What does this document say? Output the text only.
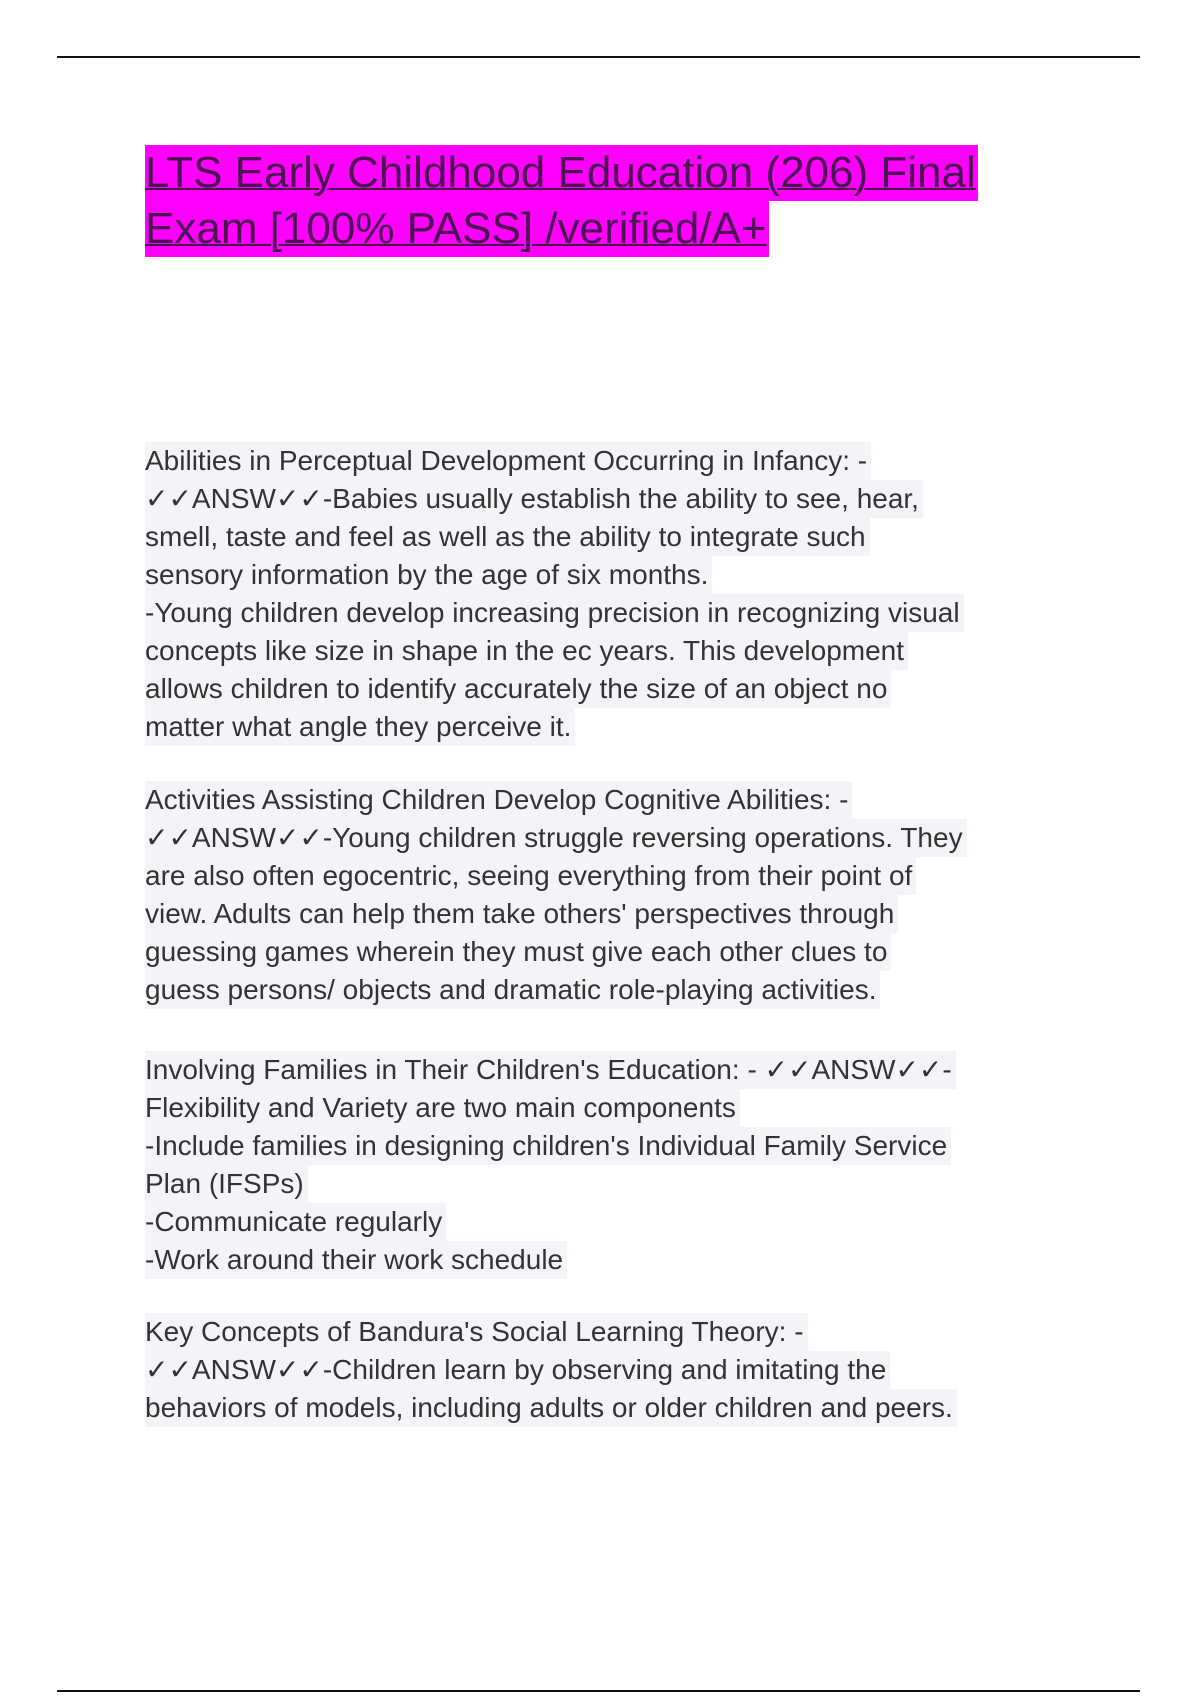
LTS Early Childhood Education (206) Final
Exam [100% PASS] /verified/A+
Abilities in Perceptual Development Occurring in Infancy: -
✓✓ANSW✓✓-Babies usually establish the ability to see, hear,
smell, taste and feel as well as the ability to integrate such
sensory information by the age of six months.
-Young children develop increasing precision in recognizing visual
concepts like size in shape in the ec years. This development
allows children to identify accurately the size of an object no
matter what angle they perceive it.
Activities Assisting Children Develop Cognitive Abilities: -
✓✓ANSW✓✓-Young children struggle reversing operations. They
are also often egocentric, seeing everything from their point of
view. Adults can help them take others' perspectives through
guessing games wherein they must give each other clues to
guess persons/ objects and dramatic role-playing activities.
Involving Families in Their Children's Education: - ✓✓ANSW✓✓-
Flexibility and Variety are two main components
-Include families in designing children's Individual Family Service
Plan (IFSPs)
-Communicate regularly
-Work around their work schedule
Key Concepts of Bandura's Social Learning Theory: -
✓✓ANSW✓✓-Children learn by observing and imitating the
behaviors of models, including adults or older children and peers.
